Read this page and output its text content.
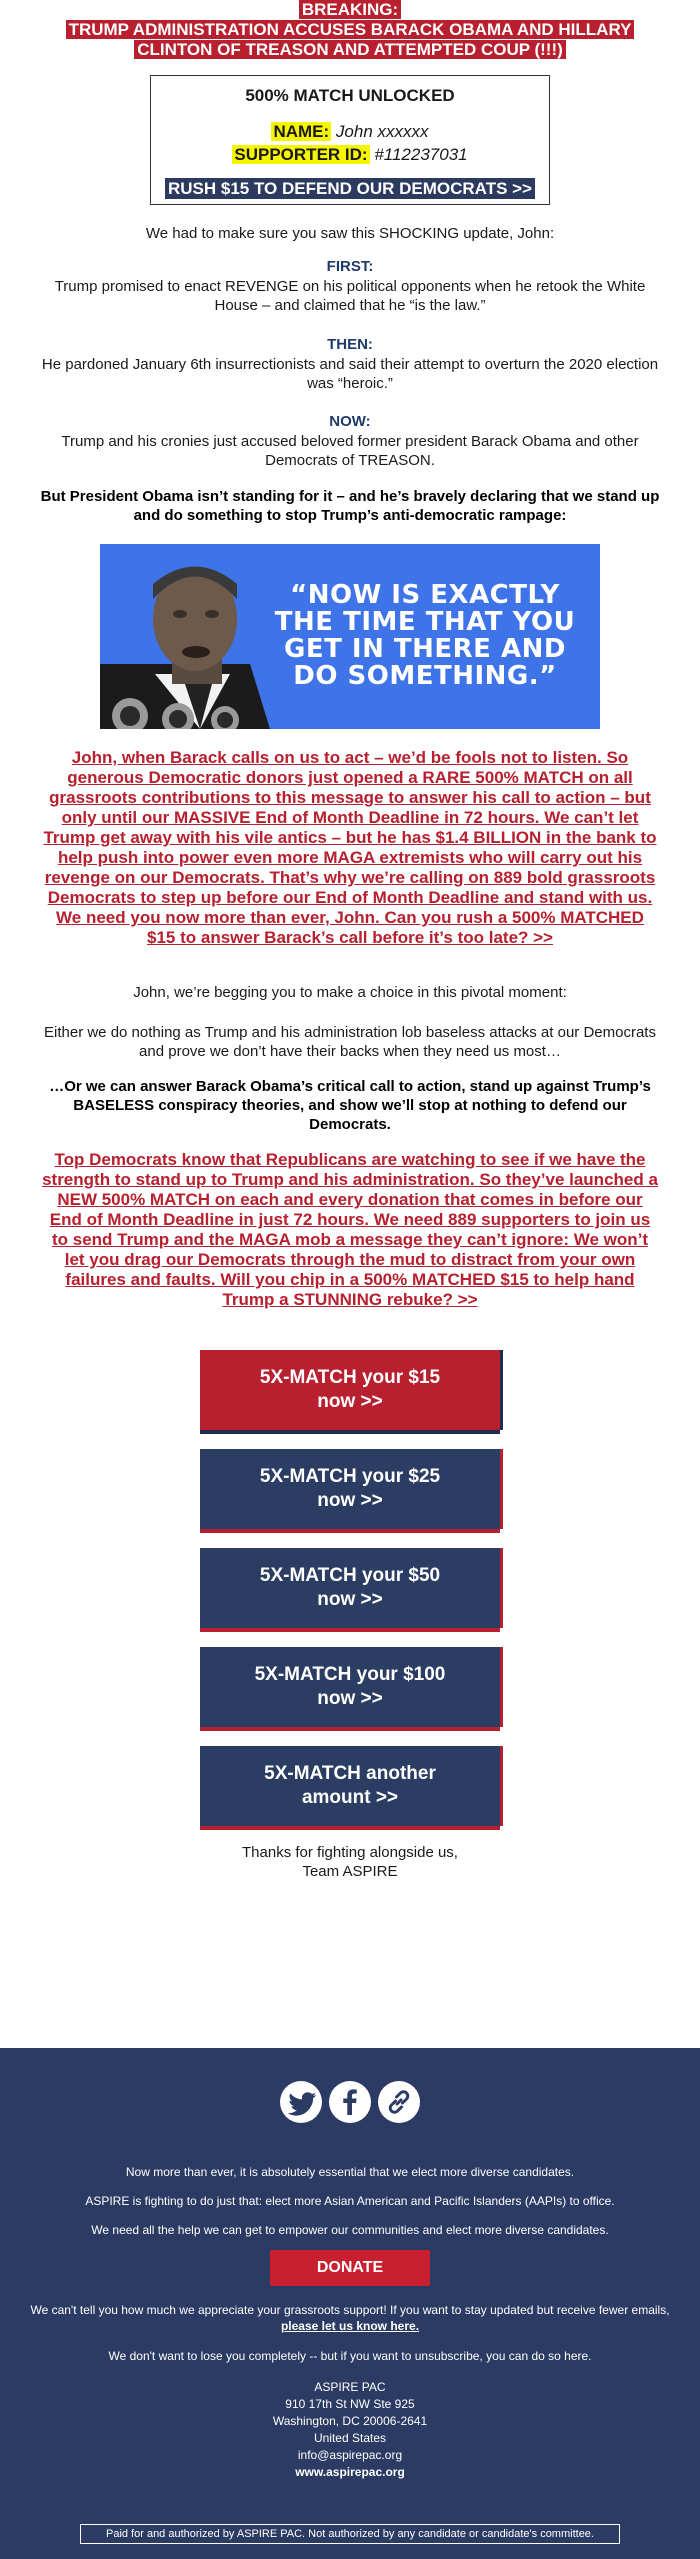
BREAKING:
TRUMP ADMINISTRATION ACCUSES BARACK OBAMA AND HILLARY
CLINTON OF TREASON AND ATTEMPTED COUP (!!!)
500% MATCH UNLOCKED
NAME: John xxxxxx
SUPPORTER ID: #112237031
RUSH $15 TO DEFEND OUR DEMOCRATS >>
We had to make sure you saw this SHOCKING update, John:
FIRST:
Trump promised to enact REVENGE on his political opponents when he retook the White House – and claimed that he “is the law.”
THEN:
He pardoned January 6th insurrectionists and said their attempt to overturn the 2020 election was “heroic.”
NOW:
Trump and his cronies just accused beloved former president Barack Obama and other Democrats of TREASON.
But President Obama isn’t standing for it – and he’s bravely declaring that we stand up and do something to stop Trump’s anti-democratic rampage:
“NOW IS EXACTLY THE TIME THAT YOU GET IN THERE AND DO SOMETHING.”
John, when Barack calls on us to act – we’d be fools not to listen. So generous Democratic donors just opened a RARE 500% MATCH on all grassroots contributions to this message to answer his call to action – but only until our MASSIVE End of Month Deadline in 72 hours. We can’t let Trump get away with his vile antics – but he has $1.4 BILLION in the bank to help push into power even more MAGA extremists who will carry out his revenge on our Democrats. That’s why we’re calling on 889 bold grassroots Democrats to step up before our End of Month Deadline and stand with us. We need you now more than ever, John. Can you rush a 500% MATCHED $15 to answer Barack’s call before it’s too late? >>
John, we’re begging you to make a choice in this pivotal moment:
Either we do nothing as Trump and his administration lob baseless attacks at our Democrats and prove we don’t have their backs when they need us most…
…Or we can answer Barack Obama’s critical call to action, stand up against Trump’s BASELESS conspiracy theories, and show we’ll stop at nothing to defend our Democrats.
Top Democrats know that Republicans are watching to see if we have the strength to stand up to Trump and his administration. So they’ve launched a NEW 500% MATCH on each and every donation that comes in before our End of Month Deadline in just 72 hours. We need 889 supporters to join us to send Trump and the MAGA mob a message they can’t ignore: We won’t let you drag our Democrats through the mud to distract from your own failures and faults. Will you chip in a 500% MATCHED $15 to help hand Trump a STUNNING rebuke? >>
5X-MATCH your $15
now >>
5X-MATCH your $25
now >>
5X-MATCH your $50
now >>
5X-MATCH your $100
now >>
5X-MATCH another
amount >>
Thanks for fighting alongside us,
Team ASPIRE
Now more than ever, it is absolutely essential that we elect more diverse candidates.
ASPIRE is fighting to do just that: elect more Asian American and Pacific Islanders (AAPIs) to office.
We need all the help we can get to empower our communities and elect more diverse candidates.
DONATE
We can't tell you how much we appreciate your grassroots support! If you want to stay updated but receive fewer emails,
please let us know here.
We don't want to lose you completely -- but if you want to unsubscribe, you can do so here.
ASPIRE PAC
910 17th St NW Ste 925
Washington, DC 20006-2641
United States
info@aspirepac.org
www.aspirepac.org
Paid for and authorized by ASPIRE PAC. Not authorized by any candidate or candidate's committee.
